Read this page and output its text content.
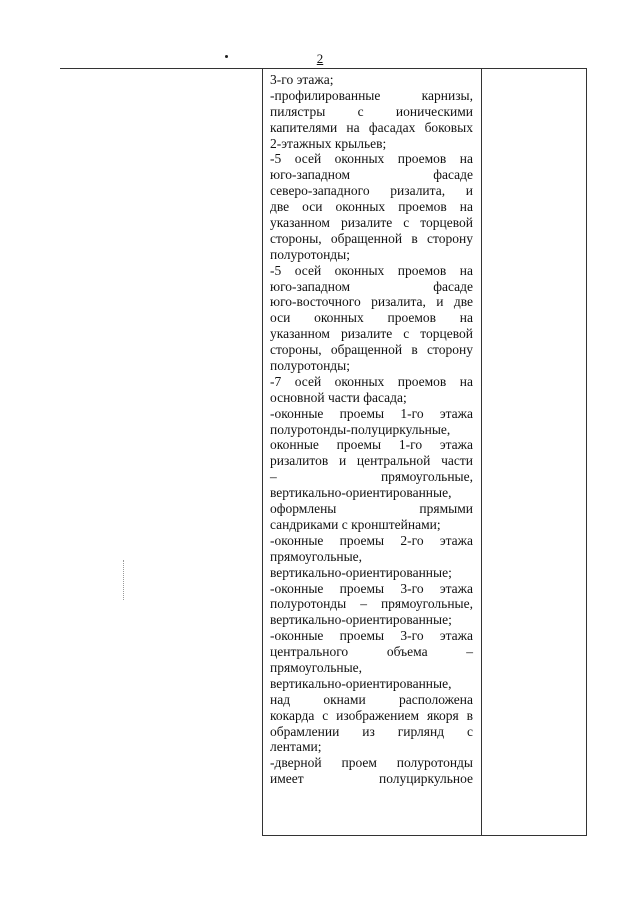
2
3-го этажа;
-профилированные карнизы,
пилястры с ионическими
капителями на фасадах боковых
2-этажных крыльев;
-5 осей оконных проемов на
юго-западном фасаде
северо-западного ризалита, и
две оси оконных проемов на
указанном ризалите с торцевой
стороны, обращенной в сторону
полуротонды;
-5 осей оконных проемов на
юго-западном фасаде
юго-восточного ризалита, и две
оси оконных проемов на
указанном ризалите с торцевой
стороны, обращенной в сторону
полуротонды;
-7 осей оконных проемов на
основной части фасада;
-оконные проемы 1-го этажа
полуротонды-полуциркульные,
оконные проемы 1-го этажа
ризалитов и центральной части
– прямоугольные,
вертикально-ориентированные,
оформлены прямыми
сандриками с кронштейнами;
-оконные проемы 2-го этажа
прямоугольные,
вертикально-ориентированные;
-оконные проемы 3-го этажа
полуротонды – прямоугольные,
вертикально-ориентированные;
-оконные проемы 3-го этажа
центрального объема –
прямоугольные,
вертикально-ориентированные,
над окнами расположена
кокарда с изображением якоря в
обрамлении из гирлянд с
лентами;
-дверной проем полуротонды
имеет полуциркульное
